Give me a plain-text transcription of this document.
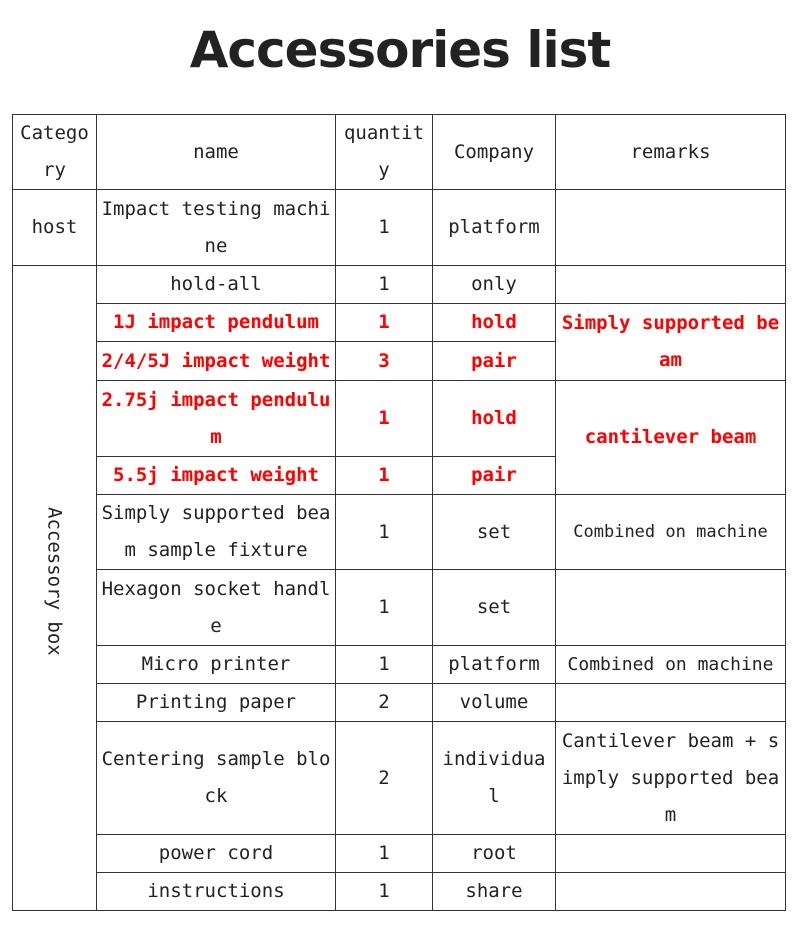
Accessories list
Category	name	quantity	Company	remarks
host	Impact testing machine	1	platform	
Accessory box	hold-all	1	only	
	1J impact pendulum	1	hold	Simply supported beam
	2/4/5J impact weight	3	pair	
	2.75j impact pendulum	1	hold	cantilever beam
	5.5j impact weight	1	pair	
	Simply supported beam sample fixture	1	set	Combined on machine
	Hexagon socket handle	1	set	
	Micro printer	1	platform	Combined on machine
	Printing paper	2	volume	
	Centering sample block	2	individual	Cantilever beam + simply supported beam
	power cord	1	root	
	instructions	1	share	
